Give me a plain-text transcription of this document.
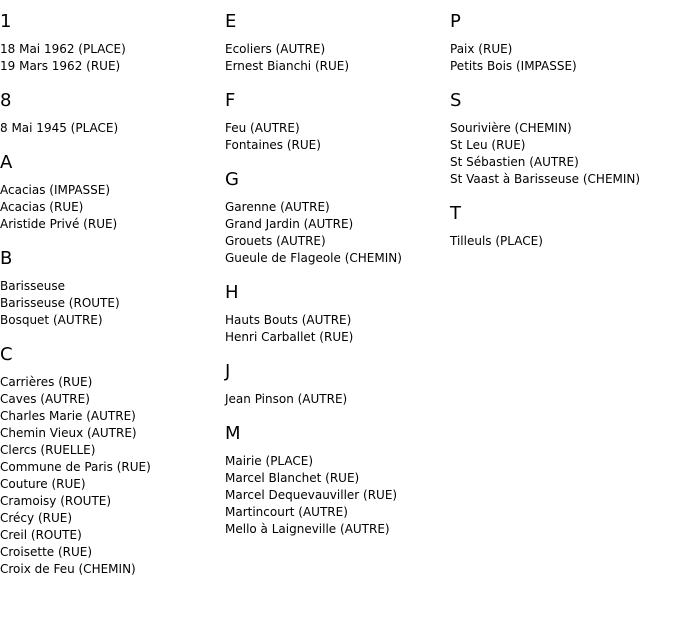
1
18 Mai 1962 (PLACE)
19 Mars 1962 (RUE)
8
8 Mai 1945 (PLACE)
A
Acacias (IMPASSE)
Acacias (RUE)
Aristide Privé (RUE)
B
Barisseuse
Barisseuse (ROUTE)
Bosquet (AUTRE)
C
Carrières (RUE)
Caves (AUTRE)
Charles Marie (AUTRE)
Chemin Vieux (AUTRE)
Clercs (RUELLE)
Commune de Paris (RUE)
Couture (RUE)
Cramoisy (ROUTE)
Crécy (RUE)
Creil (ROUTE)
Croisette (RUE)
Croix de Feu (CHEMIN)
E
Ecoliers (AUTRE)
Ernest Bianchi (RUE)
F
Feu (AUTRE)
Fontaines (RUE)
G
Garenne (AUTRE)
Grand Jardin (AUTRE)
Grouets (AUTRE)
Gueule de Flageole (CHEMIN)
H
Hauts Bouts (AUTRE)
Henri Carballet (RUE)
J
Jean Pinson (AUTRE)
M
Mairie (PLACE)
Marcel Blanchet (RUE)
Marcel Dequevauviller (RUE)
Martincourt (AUTRE)
Mello à Laigneville (AUTRE)
P
Paix (RUE)
Petits Bois (IMPASSE)
S
Sourivière (CHEMIN)
St Leu (RUE)
St Sébastien (AUTRE)
St Vaast à Barisseuse (CHEMIN)
T
Tilleuls (PLACE)
